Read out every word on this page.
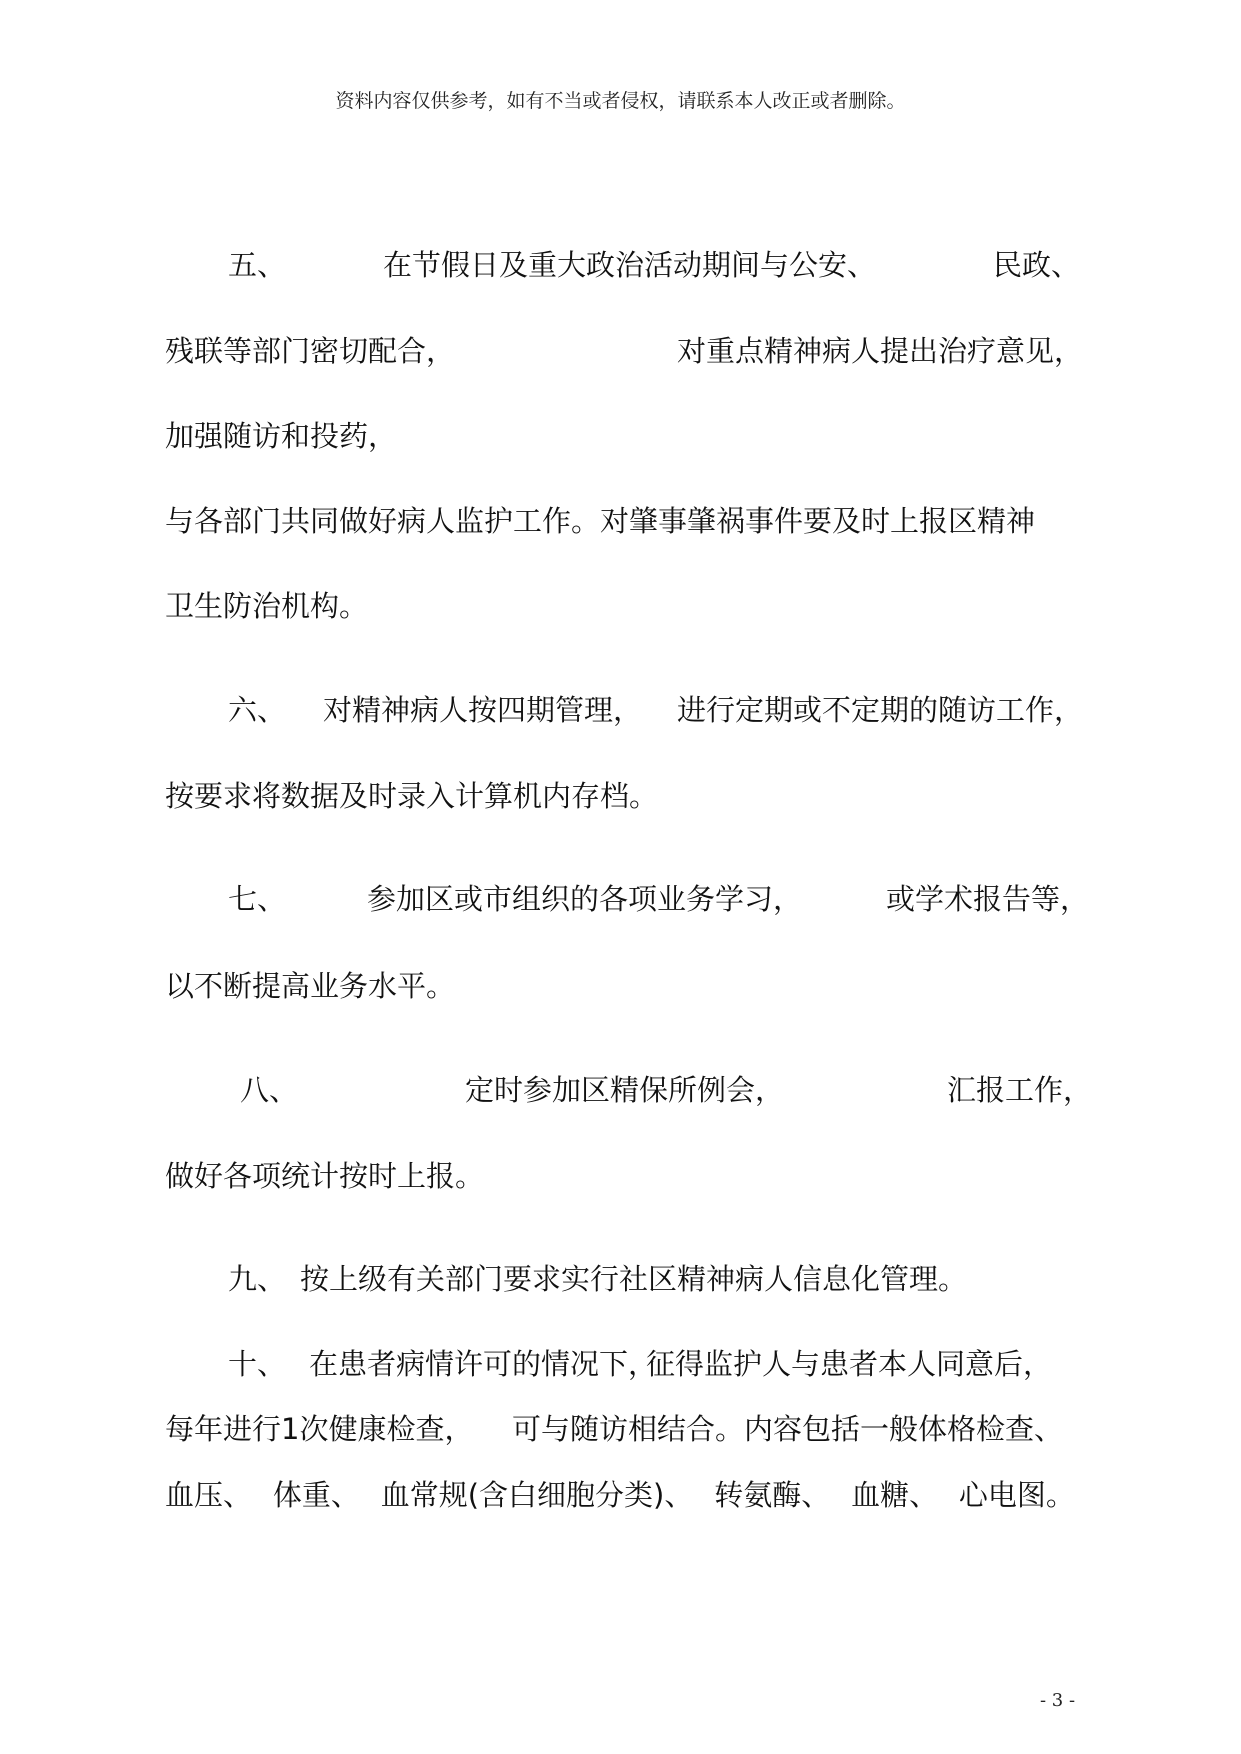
资料内容仅供参考，如有不当或者侵权，请联系本人改正或者删除。
五、	在节假日及重大政治活动期间与公安、	民政、
残联等部门密切配合，	对重点精神病人提出治疗意见，
加强随访和投药，
与各部门共同做好病人监护工作。对肇事肇祸事件要及时上报区精神
卫生防治机构。
六、 对精神病人按四期管理， 进行定期或不定期的随访工作，
按要求将数据及时录入计算机内存档。
七、	参加区或市组织的各项业务学习，	或学术报告等，
以不断提高业务水平。
八、	定时参加区精保所例会，	汇报工作，
做好各项统计按时上报。
九、 按上级有关部门要求实行社区精神病人信息化管理。
十、 在患者病情许可的情况下，
征得监护人与患者本人同意后，
每年进行1次健康检查， 可与随访相结合。内容包括一般体格检查、
血压、 体重、 血常规(含白细胞分类)、 转氨酶、 血糖、 心电图。
- 3 -
